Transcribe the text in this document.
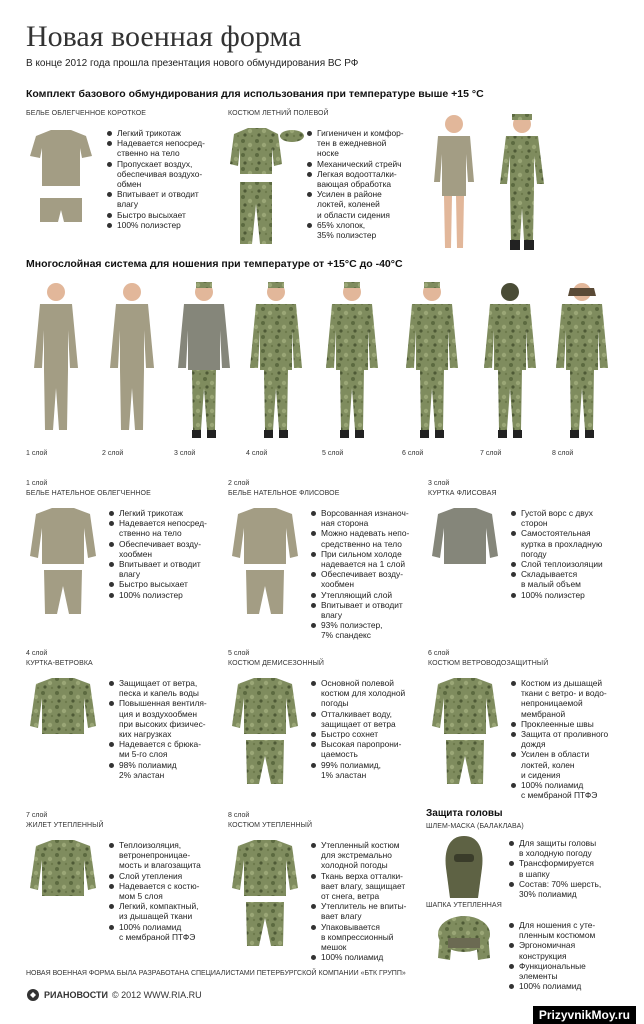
Новая военная форма
В конце 2012 года прошла презентация нового обмундирования ВС РФ
Комплект базового обмундирования для использования при температуре выше +15 °C
БЕЛЬЕ ОБЛЕГЧЕННОЕ КОРОТКОЕ	КОСТЮМ ЛЕТНИЙ ПОЛЕВОЙ
Легкий трикотаж
Надевается непосред-
ственно на тело
Пропускает воздух,
обеспечивая воздухо-
обмен
Впитывает и отводит
влагу
Быстро высыхает
100% полиэстер
Гигиеничен и комфор-
тен в ежедневной
носке
Механический стрейч
Легкая водоотталки-
вающая обработка
Усилен в районе
локтей, коленей
и области сидения
65% хлопок,
35% полиэстер
Многослойная система для ношения при температуре от +15°C до -40°C
1 слой	2 слой	3 слой	4 слой	5 слой	6 слой	7 слой	8 слой
1 слой
БЕЛЬЕ НАТЕЛЬНОЕ ОБЛЕГЧЕННОЕ
Легкий трикотаж
Надевается непосред-
ственно на тело
Обеспечивает возду-
хообмен
Впитывает и отводит
влагу
Быстро высыхает
100% полиэстер
2 слой
БЕЛЬЕ НАТЕЛЬНОЕ ФЛИСОВОЕ
Ворсованная изнаноч-
ная сторона
Можно надевать непо-
средственно на тело
При сильном холоде
надевается на 1 слой
Обеспечивает возду-
хообмен
Утепляющий слой
Впитывает и отводит
влагу
93% полиэстер,
7% спандекс
3 слой
КУРТКА ФЛИСОВАЯ
Густой ворс с двух
сторон
Самостоятельная
куртка в прохладную
погоду
Слой теплоизоляции
Складывается
в малый объем
100% полиэстер
4 слой
КУРТКА-ВЕТРОВКА
Защищает от ветра,
песка и капель воды
Повышенная вентиля-
ция и воздухообмен
при высоких физичес-
ких нагрузках
Надевается с брюка-
ми 5-го слоя
98% полиамид
2% эластан
5 слой
КОСТЮМ ДЕМИСЕЗОННЫЙ
Основной полевой
костюм для холодной
погоды
Отталкивает воду,
защищает от ветра
Быстро сохнет
Высокая паропрони-
цаемость
99% полиамид,
1% эластан
6 слой
КОСТЮМ ВЕТРОВОДОЗАЩИТНЫЙ
Костюм из дышащей
ткани с ветро- и водо-
непроницаемой
мембраной
Проклеенные швы
Защита от проливного
дождя
Усилен в области
локтей, колен
и сидения
100% полиамид
с мембраной ПТФЭ
7 слой
ЖИЛЕТ УТЕПЛЕННЫЙ
Теплоизоляция,
ветронепроницае-
мость и влагозащита
Слой утепления
Надевается с костю-
мом 5 слоя
Легкий, компактный,
из дышащей ткани
100% полиамид
с мембраной ПТФЭ
8 слой
КОСТЮМ УТЕПЛЕННЫЙ
Утепленный костюм
для экстремально
холодной погоды
Ткань верха отталки-
вает влагу, защищает
от снега, ветра
Утеплитель не впиты-
вает влагу
Упаковывается
в компрессионный
мешок
100% полиамид
Защита головы
ШЛЕМ-МАСКА (БАЛАКЛАВА)
Для защиты головы
в холодную погоду
Трансформируется
в шапку
Состав: 70% шерсть,
30% полиамид
ШАПКА УТЕПЛЕННАЯ
Для ношения с уте-
пленным костюмом
Эргономичная
конструкция
Функциональные
элементы
100% полиамид
НОВАЯ ВОЕННАЯ ФОРМА БЫЛА РАЗРАБОТАНА СПЕЦИАЛИСТАМИ ПЕТЕРБУРГСКОЙ КОМПАНИИ «БТК ГРУПП»
РИАНОВОСТИ © 2012 WWW.RIA.RU
PrizyvnikMoy.ru
